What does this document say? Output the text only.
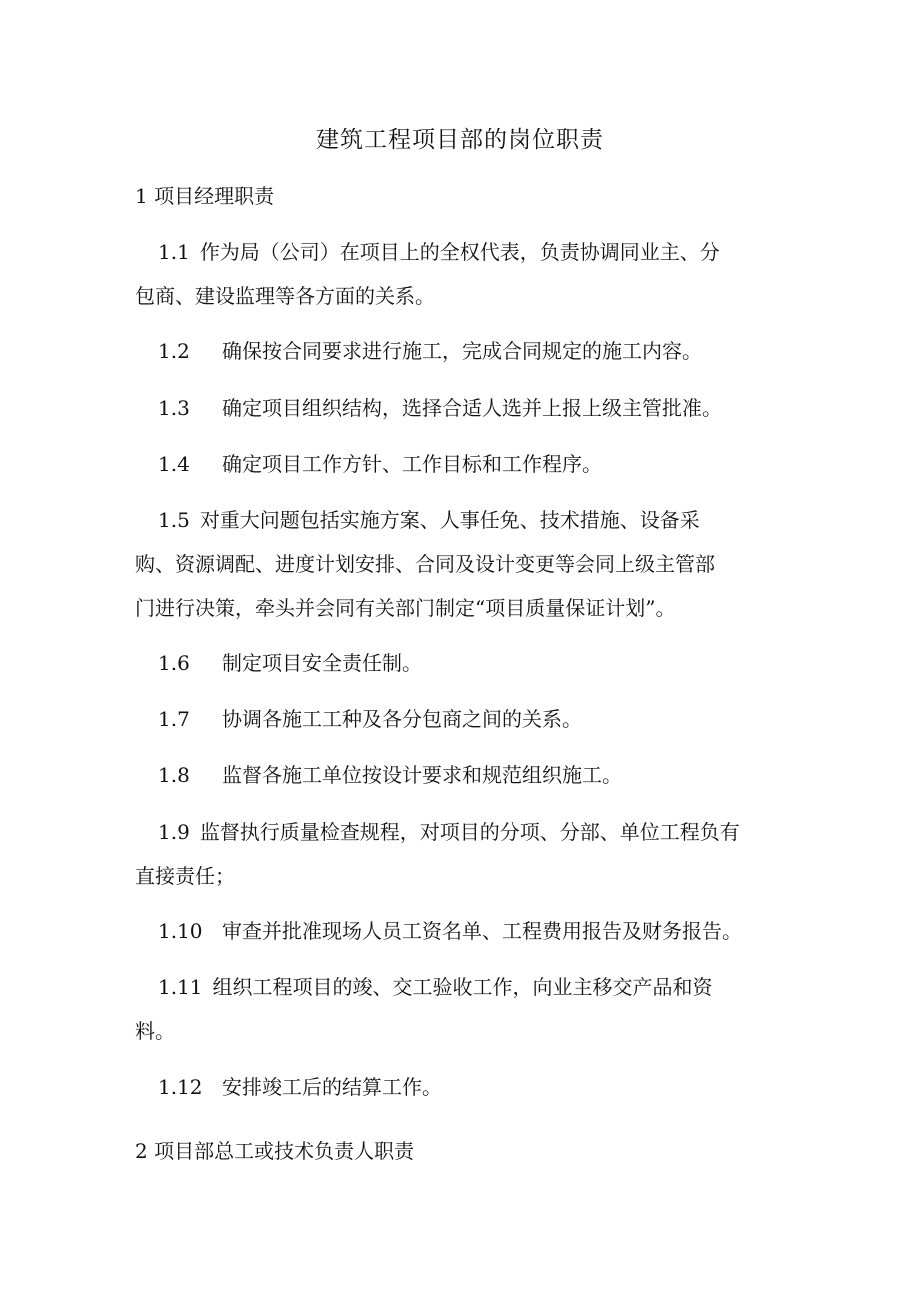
建筑工程项目部的岗位职责
1 项目经理职责
1.1 作为局（公司）在项目上的全权代表，负责协调同业主、分
包商、建设监理等各方面的关系。
1.2 确保按合同要求进行施工，完成合同规定的施工内容。
1.3 确定项目组织结构，选择合适人选并上报上级主管批准。
1.4 确定项目工作方针、工作目标和工作程序。
1.5 对重大问题包括实施方案、人事任免、技术措施、设备采
购、资源调配、进度计划安排、合同及设计变更等会同上级主管部
门进行决策，牵头并会同有关部门制定“项目质量保证计划”。
1.6 制定项目安全责任制。
1.7 协调各施工工种及各分包商之间的关系。
1.8 监督各施工单位按设计要求和规范组织施工。
1.9 监督执行质量检查规程，对项目的分项、分部、单位工程负有
直接责任；
1.10 审查并批准现场人员工资名单、工程费用报告及财务报告。
1.11 组织工程项目的竣、交工验收工作，向业主移交产品和资
料。
1.12 安排竣工后的结算工作。
2 项目部总工或技术负责人职责
